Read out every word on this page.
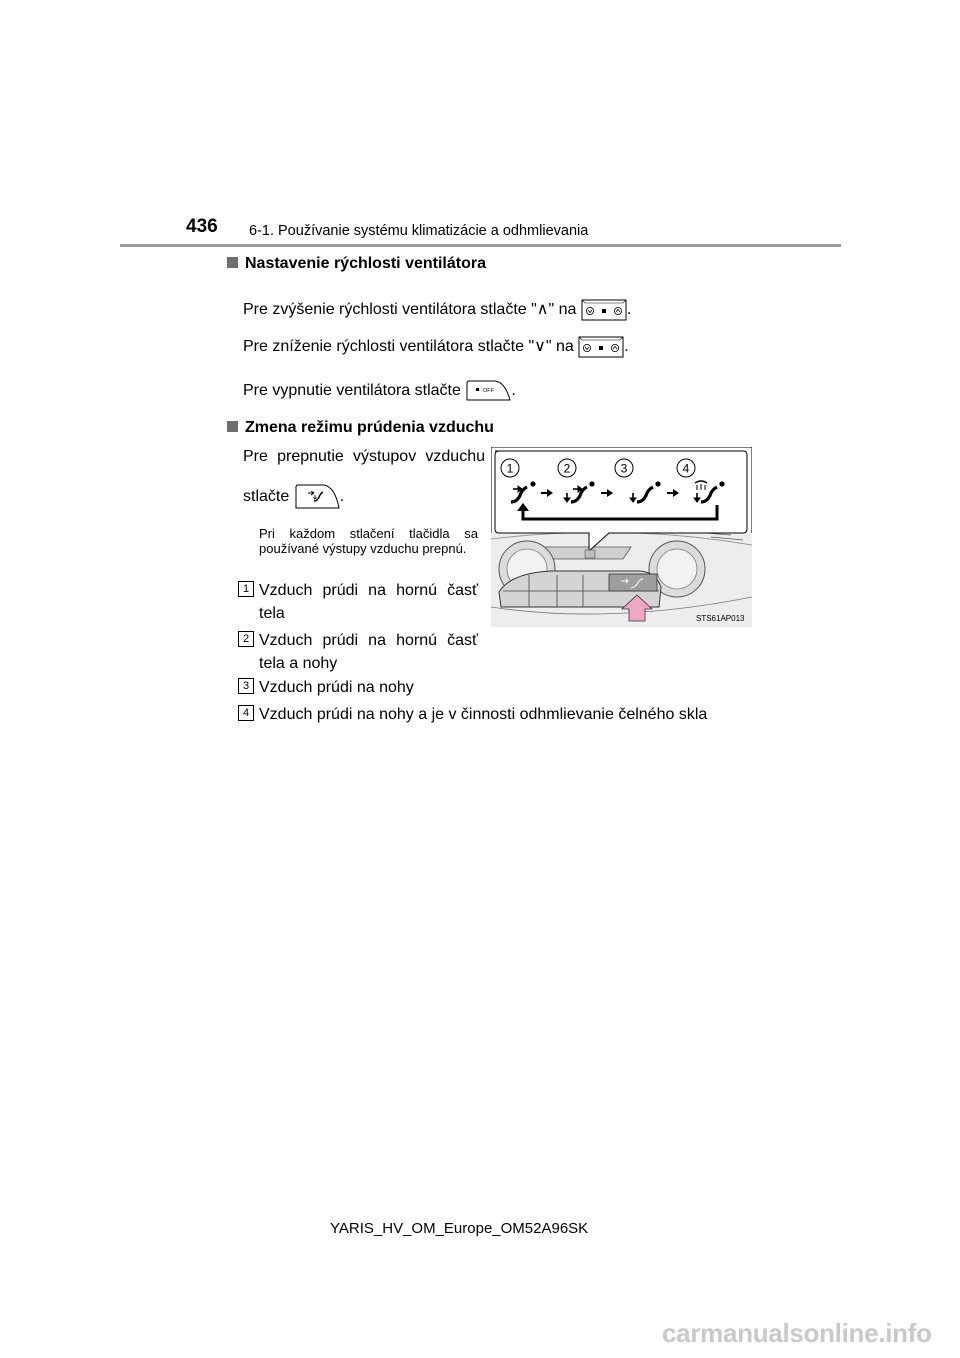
436 6-1. Používanie systému klimatizácie a odhmlievania
Nastavenie rýchlosti ventilátora
Pre zvýšenie rýchlosti ventilátora stlačte "∧" na	.
Pre zníženie rýchlosti ventilátora stlačte "∨" na	.
Pre vypnutie ventilátora stlačte	OFF .
Zmena režimu prúdenia vzduchu
Pre prepnutie výstupov vzduchu
stlačte	.
Pri každom stlačení tlačidla sa používané výstupy vzduchu prepnú.
1 Vzduch prúdi na hornú časť
tela
2 Vzduch prúdi na hornú časť
tela a nohy
3 Vzduch prúdi na nohy
4 Vzduch prúdi na nohy a je v činnosti odhmlievanie čelného skla
1	2	3	4
STS61AP013
YARIS_HV_OM_Europe_OM52A96SK
carmanualsonline.info
